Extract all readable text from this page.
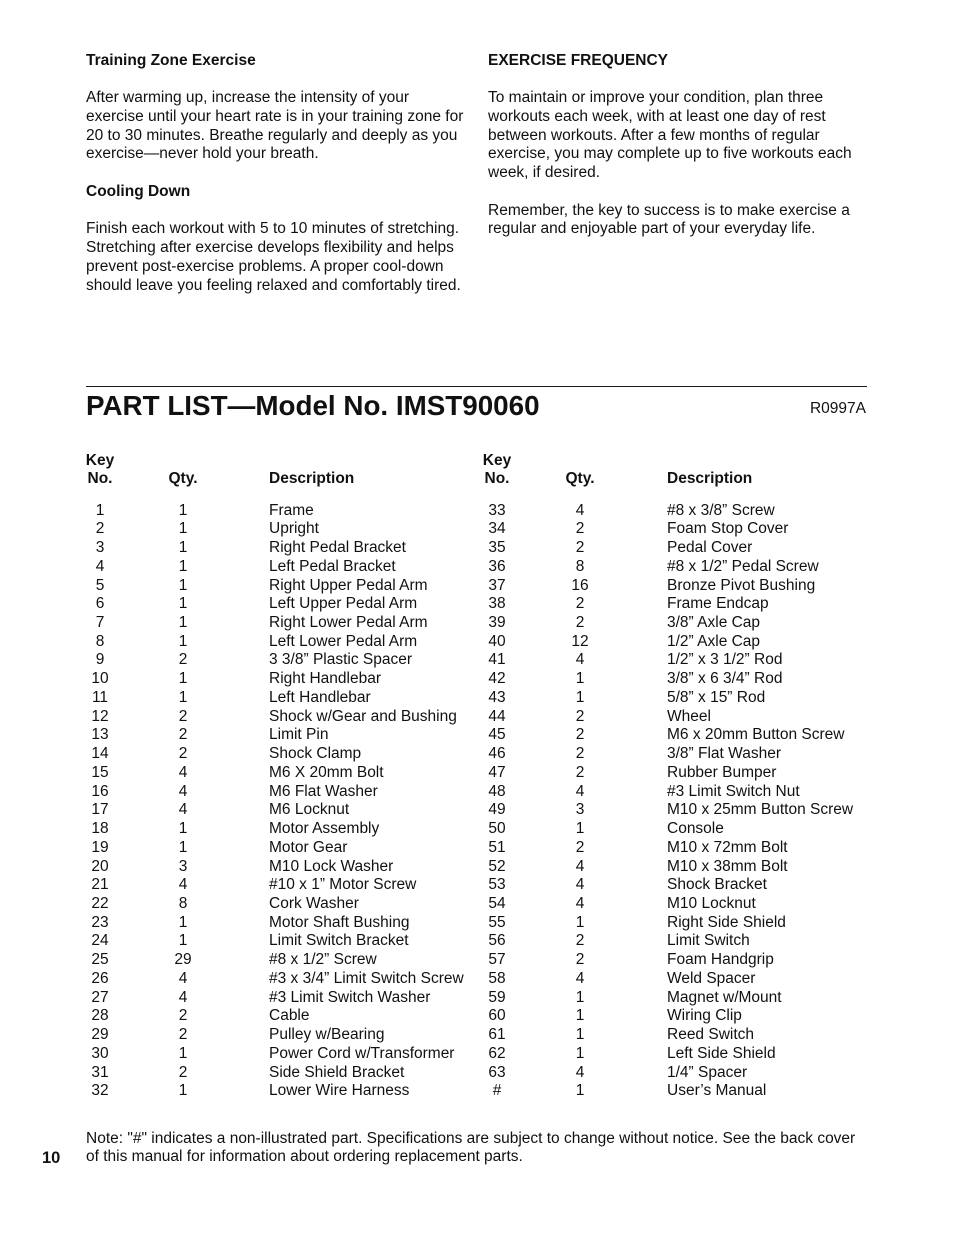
Training Zone Exercise
After warming up, increase the intensity of your
exercise until your heart rate is in your training zone for
20 to 30 minutes. Breathe regularly and deeply as you
exercise—never hold your breath.
Cooling Down
Finish each workout with 5 to 10 minutes of stretching.
Stretching after exercise develops flexibility and helps
prevent post-exercise problems. A proper cool-down
should leave you feeling relaxed and comfortably tired.
EXERCISE FREQUENCY
To maintain or improve your condition, plan three
workouts each week, with at least one day of rest
between workouts. After a few months of regular
exercise, you may complete up to five workouts each
week, if desired.
Remember, the key to success is to make exercise a
regular and enjoyable part of your everyday life.
PART LIST—Model No. IMST90060	R0997A
Key
No.	Qty.	Description
Key
No.	Qty.	Description
1	1	Frame
2	1	Upright
3	1	Right Pedal Bracket
4	1	Left Pedal Bracket
5	1	Right Upper Pedal Arm
6	1	Left Upper Pedal Arm
7	1	Right Lower Pedal Arm
8	1	Left Lower Pedal Arm
9	2	3 3/8” Plastic Spacer
10	1	Right Handlebar
11	1	Left Handlebar
12	2	Shock w/Gear and Bushing
13	2	Limit Pin
14	2	Shock Clamp
15	4	M6 X 20mm Bolt
16	4	M6 Flat Washer
17	4	M6 Locknut
18	1	Motor Assembly
19	1	Motor Gear
20	3	M10 Lock Washer
21	4	#10 x 1” Motor Screw
22	8	Cork Washer
23	1	Motor Shaft Bushing
24	1	Limit Switch Bracket
25	29	#8 x 1/2” Screw
26	4	#3 x 3/4” Limit Switch Screw
27	4	#3 Limit Switch Washer
28	2	Cable
29	2	Pulley w/Bearing
30	1	Power Cord w/Transformer
31	2	Side Shield Bracket
32	1	Lower Wire Harness
33	4	#8 x 3/8” Screw
34	2	Foam Stop Cover
35	2	Pedal Cover
36	8	#8 x 1/2” Pedal Screw
37	16	Bronze Pivot Bushing
38	2	Frame Endcap
39	2	3/8” Axle Cap
40	12	1/2” Axle Cap
41	4	1/2” x 3 1/2” Rod
42	1	3/8” x 6 3/4” Rod
43	1	5/8” x 15” Rod
44	2	Wheel
45	2	M6 x 20mm Button Screw
46	2	3/8” Flat Washer
47	2	Rubber Bumper
48	4	#3 Limit Switch Nut
49	3	M10 x 25mm Button Screw
50	1	Console
51	2	M10 x 72mm Bolt
52	4	M10 x 38mm Bolt
53	4	Shock Bracket
54	4	M10 Locknut
55	1	Right Side Shield
56	2	Limit Switch
57	2	Foam Handgrip
58	4	Weld Spacer
59	1	Magnet w/Mount
60	1	Wiring Clip
61	1	Reed Switch
62	1	Left Side Shield
63	4	1/4” Spacer
#	1	User’s Manual
Note: "#" indicates a non-illustrated part. Specifications are subject to change without notice. See the back cover
of this manual for information about ordering replacement parts.
10
